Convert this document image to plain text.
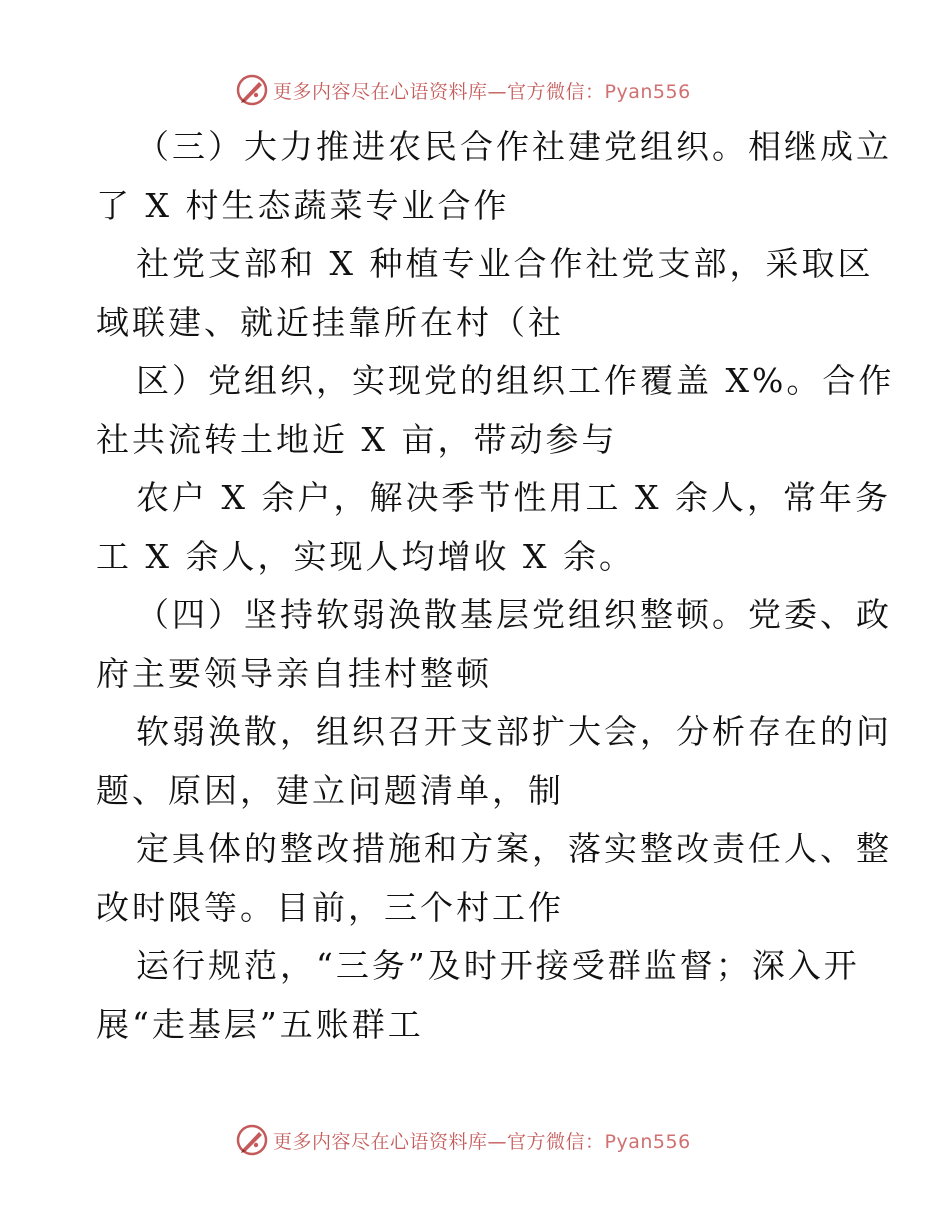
更多内容尽在心语资料库—官方微信：Pyan556
（三）大力推进农民合作社建党组织。相继成立
了 X 村生态蔬菜专业合作
社党支部和 X 种植专业合作社党支部，采取区
域联建、就近挂靠所在村（社
区）党组织，实现党的组织工作覆盖 X%。合作
社共流转土地近 X 亩，带动参与
农户 X 余户，解决季节性用工 X 余人，常年务
工 X 余人，实现人均增收 X 余。
（四）坚持软弱涣散基层党组织整顿。党委、政
府主要领导亲自挂村整顿
软弱涣散，组织召开支部扩大会，分析存在的问
题、原因，建立问题清单，制
定具体的整改措施和方案，落实整改责任人、整
改时限等。目前，三个村工作
运行规范，“三务”及时开接受群监督；深入开
展“走基层”五账群工
更多内容尽在心语资料库—官方微信：Pyan556
